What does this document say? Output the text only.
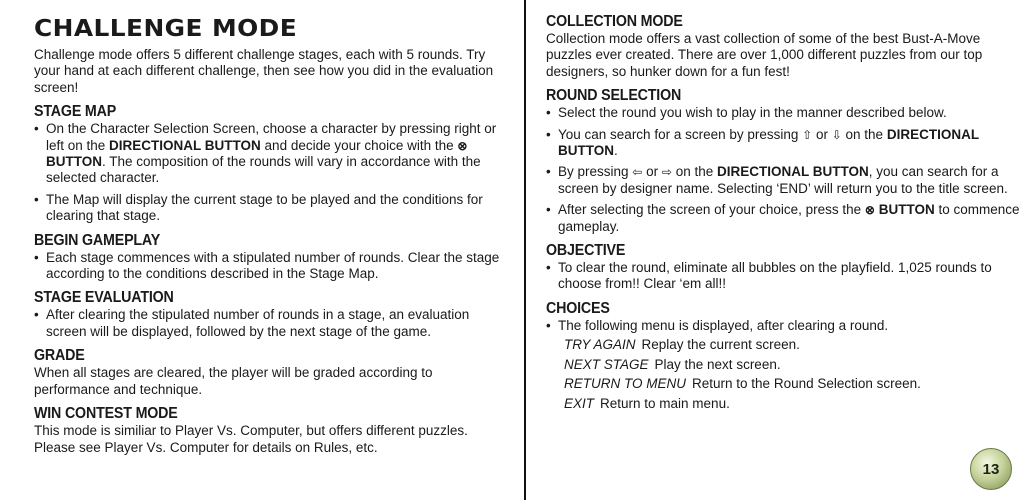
CHALLENGE MODE

Challenge mode offers 5 different challenge stages, each with 5 rounds. Try your hand at each different challenge, then see how you did in the evaluation screen!

STAGE MAP
• On the Character Selection Screen, choose a character by pressing right or left on the DIRECTIONAL BUTTON and decide your choice with the ⊗ BUTTON. The composition of the rounds will vary in accordance with the selected character.
• The Map will display the current stage to be played and the conditions for clearing that stage.
BEGIN GAMEPLAY
• Each stage commences with a stipulated number of rounds. Clear the stage according to the conditions described in the Stage Map.
STAGE EVALUATION
• After clearing the stipulated number of rounds in a stage, an evaluation screen will be displayed, followed by the next stage of the game.
GRADE

When all stages are cleared, the player will be graded according to performance and technique.

WIN CONTEST MODE

This mode is similiar to Player Vs. Computer, but offers different puzzles. Please see Player Vs. Computer for details on Rules, etc.

COLLECTION MODE

Collection mode offers a vast collection of some of the best Bust-A-Move puzzles ever created. There are over 1,000 different puzzles from our top designers, so hunker down for a fun fest!

ROUND SELECTION
• Select the round you wish to play in the manner described below.
• You can search for a screen by pressing ⇧ or ⇩ on the DIRECTIONAL BUTTON.
• By pressing ⇦ or ⇨ on the DIRECTIONAL BUTTON, you can search for a screen by designer name. Selecting ‘END’ will return you to the title screen.
• After selecting the screen of your choice, press the ⊗ BUTTON to commence gameplay.
OBJECTIVE
• To clear the round, eliminate all bubbles on the playfield. 1,025 rounds to choose from!! Clear ‘em all!!
CHOICES
• The following menu is displayed, after clearing a round.
TRY AGAIN Replay the current screen.
NEXT STAGE Play the next screen.
RETURN TO MENU Return to the Round Selection screen.
EXIT Return to main menu.
13
